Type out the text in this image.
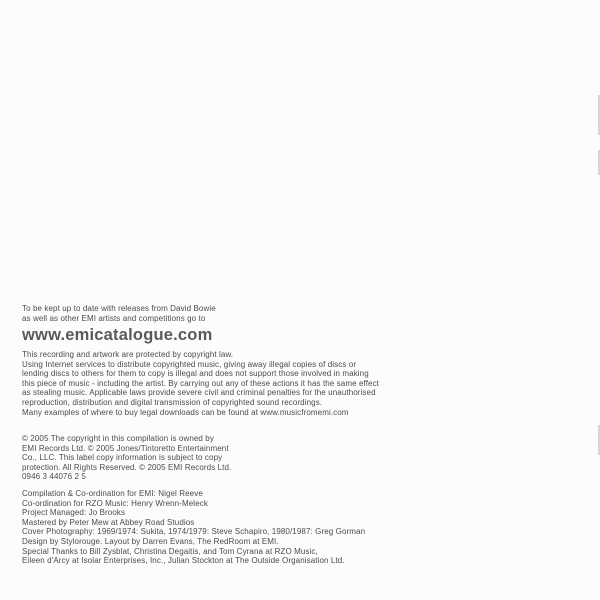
To be kept up to date with releases from David Bowie
as well as other EMI artists and competitions go to
www.emicatalogue.com
This recording and artwork are protected by copyright law.
Using Internet services to distribute copyrighted music, giving away illegal copies of discs or
lending discs to others for them to copy is illegal and does not support those involved in making
this piece of music - including the artist. By carrying out any of these actions it has the same effect
as stealing music. Applicable laws provide severe civil and criminal penalties for the unauthorised
reproduction, distribution and digital transmission of copyrighted sound recordings.
Many examples of where to buy legal downloads can be found at www.musicfromemi.com
© 2005 The copyright in this compilation is owned by
EMI Records Ltd. © 2005 Jones/Tintoretto Entertainment
Co., LLC. This label copy information is subject to copy
protection. All Rights Reserved. © 2005 EMI Records Ltd.
0946 3 44076 2 5
Compilation & Co-ordination for EMI: Nigel Reeve
Co-ordination for RZO Music: Henry Wrenn-Meleck
Project Managed: Jo Brooks
Mastered by Peter Mew at Abbey Road Studios
Cover Photography: 1969/1974: Sukita, 1974/1979: Steve Schapiro, 1980/1987: Greg Gorman
Design by Stylorouge. Layout by Darren Evans, The RedRoom at EMI.
Special Thanks to Bill Zysblat, Christina Degaitis, and Tom Cyrana at RZO Music,
Eileen d'Arcy at Isolar Enterprises, Inc., Julian Stockton at The Outside Organisation Ltd.
